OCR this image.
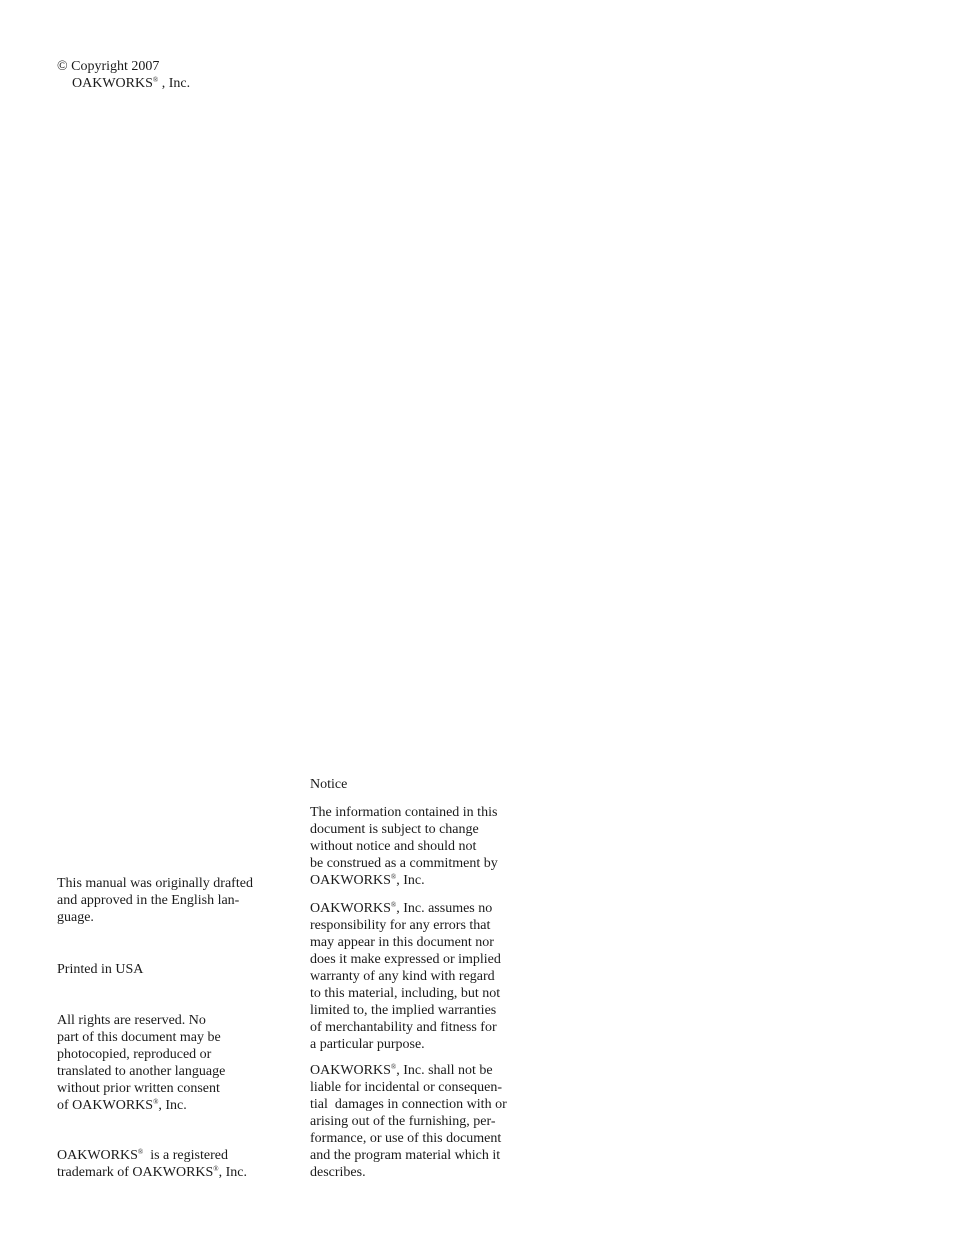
© Copyright 2007
OAKWORKS® , Inc.
This manual was originally drafted
and approved in the English lan-
guage.
Printed in USA
All rights are reserved. No
part of this document may be
photocopied, reproduced or
translated to another language
without prior written consent
of OAKWORKS®, Inc.
OAKWORKS®  is a registered
trademark of OAKWORKS®, Inc.
Notice
The information contained in this
document is subject to change
without notice and should not
be construed as a commitment by
OAKWORKS®, Inc.
OAKWORKS®, Inc. assumes no
responsibility for any errors that
may appear in this document nor
does it make expressed or implied
warranty of any kind with regard
to this material, including, but not
limited to, the implied warranties
of merchantability and fitness for
a particular purpose.
OAKWORKS®, Inc. shall not be
liable for incidental or consequen-
tial  damages in connection with or
arising out of the furnishing, per-
formance, or use of this document
and the program material which it
describes.
